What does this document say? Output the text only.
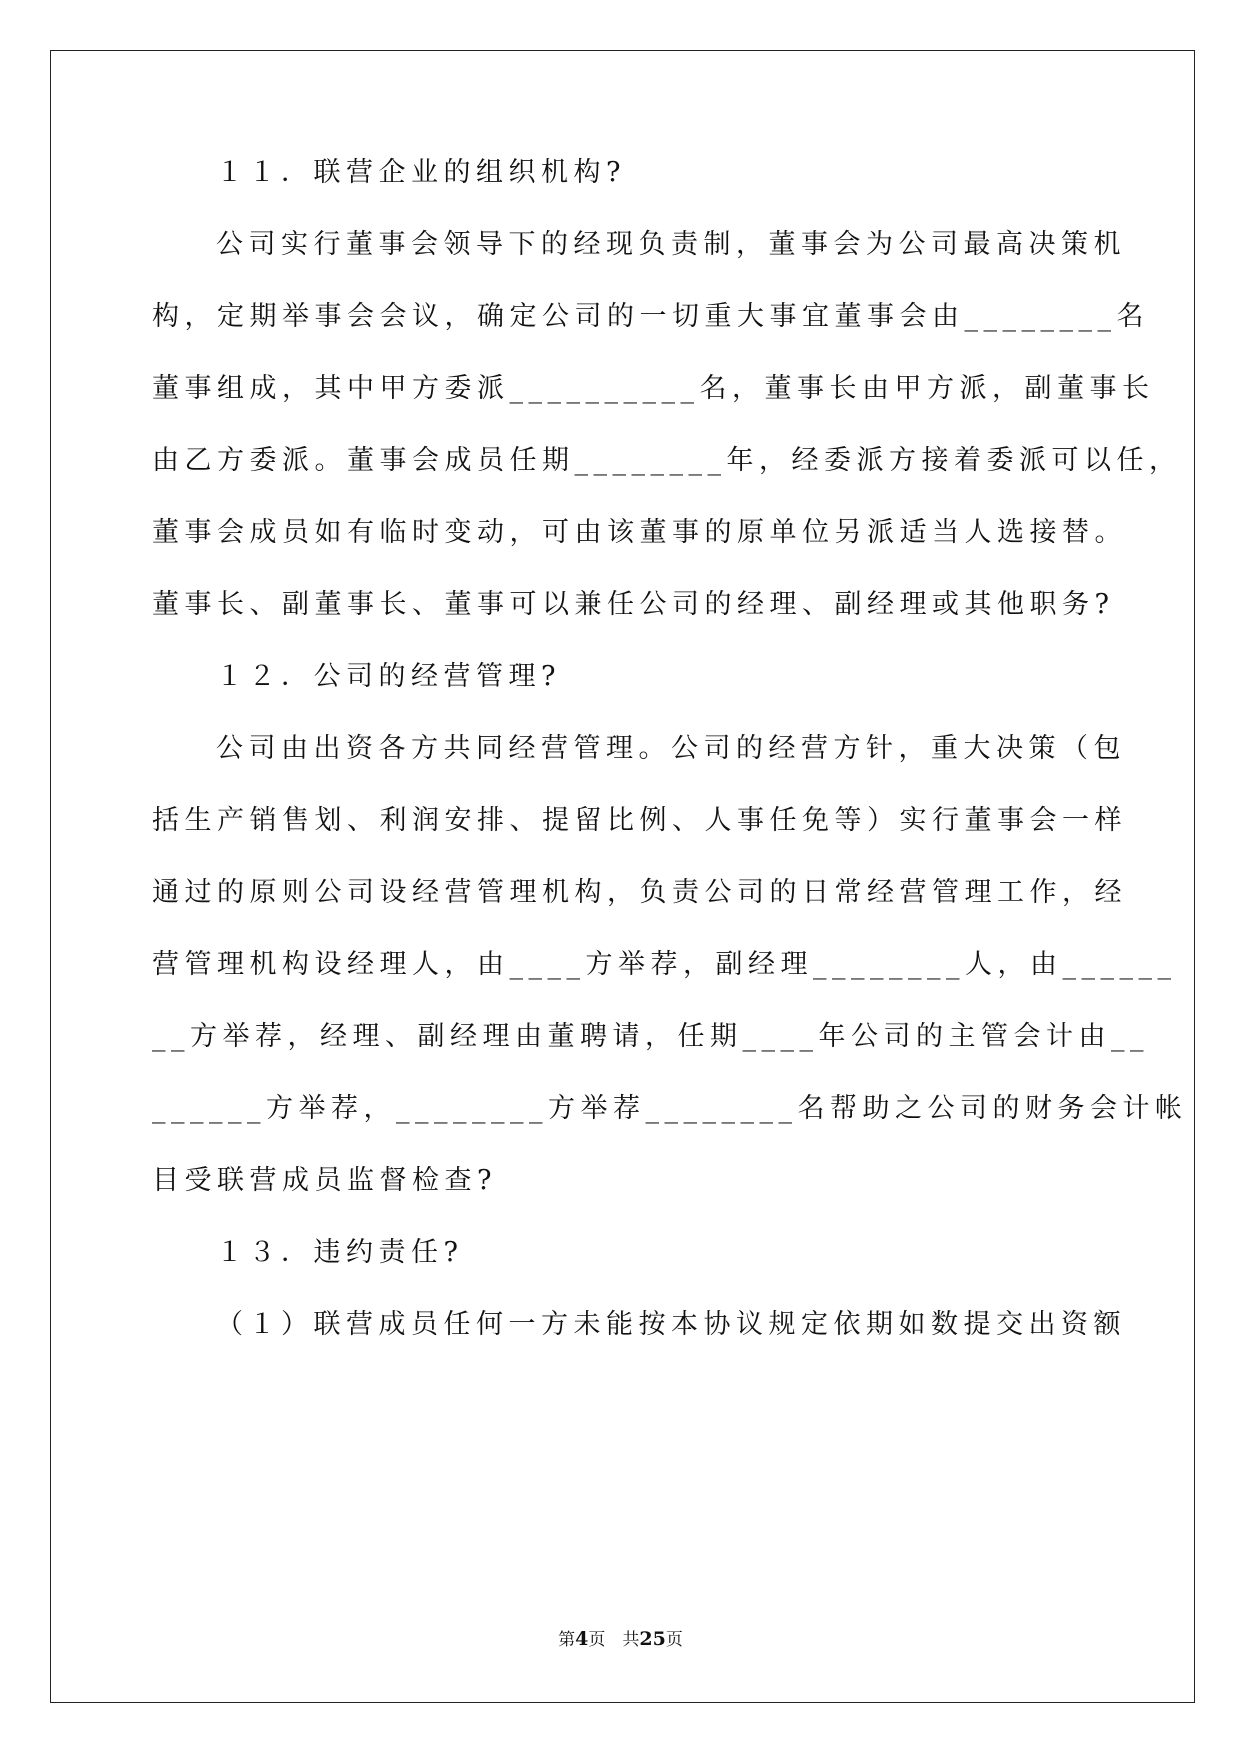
１１．联营企业的组织机构?
公司实行董事会领导下的经现负责制，董事会为公司最高决策机
构，定期举事会会议，确定公司的一切重大事宜董事会由________名
董事组成，其中甲方委派__________名，董事长由甲方派，副董事长
由乙方委派。董事会成员任期________年，经委派方接着委派可以任，
董事会成员如有临时变动，可由该董事的原单位另派适当人选接替。
董事长、副董事长、董事可以兼任公司的经理、副经理或其他职务?
１２．公司的经营管理?
公司由出资各方共同经营管理。公司的经营方针，重大决策（包
括生产销售划、利润安排、提留比例、人事任免等）实行董事会一样
通过的原则公司设经营管理机构，负责公司的日常经营管理工作，经
营管理机构设经理人，由____方举荐，副经理________人，由______
__方举荐，经理、副经理由董聘请，任期____年公司的主管会计由__
______方举荐，________方举荐________名帮助之公司的财务会计帐
目受联营成员监督检查?
１３．违约责任?
（１）联营成员任何一方未能按本协议规定依期如数提交出资额
第4页　共25页
